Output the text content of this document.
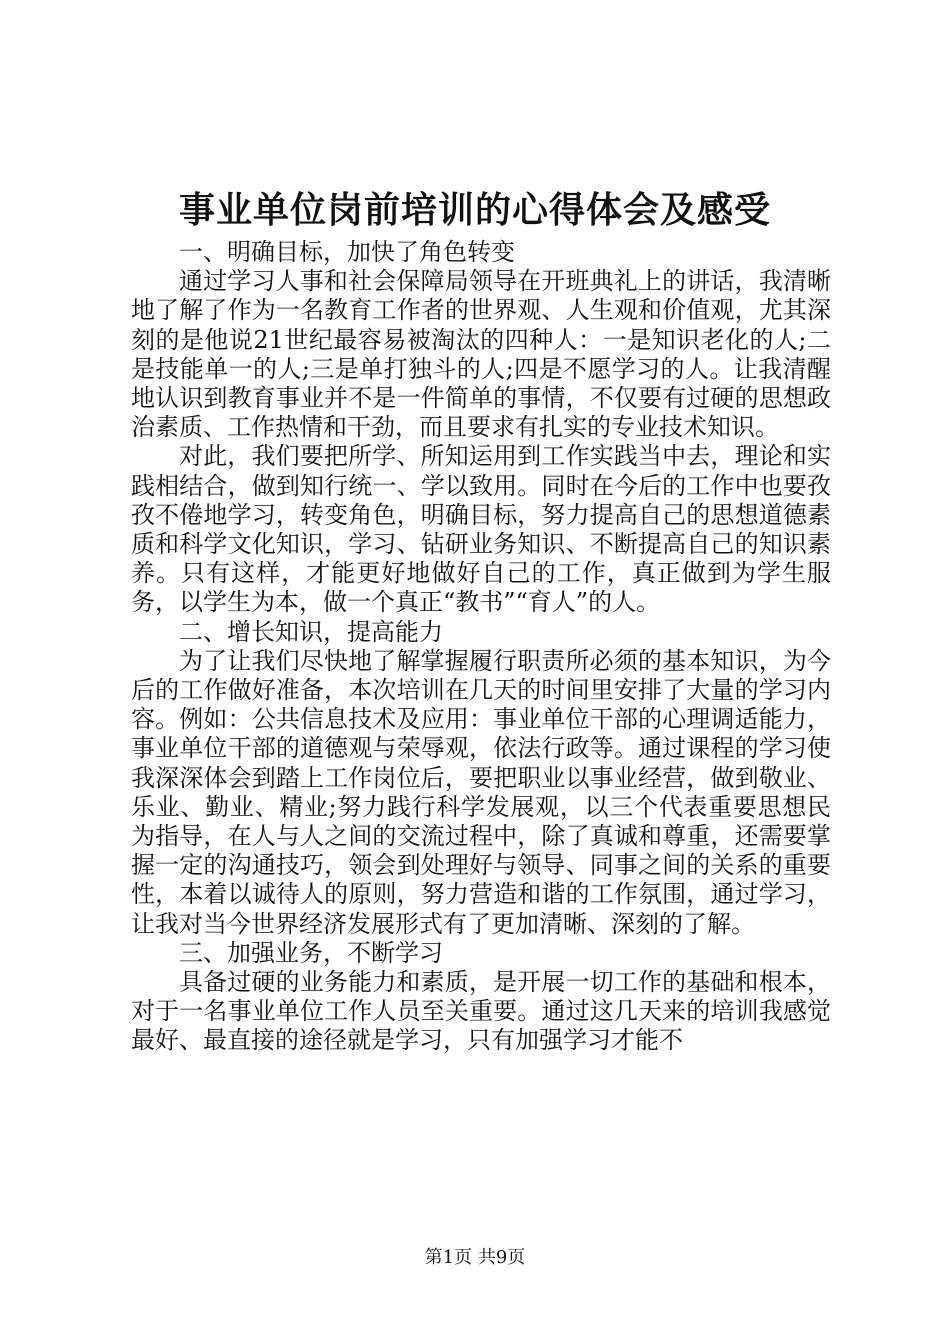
事业单位岗前培训的心得体会及感受

一、明确目标，加快了角色转变

通过学习人事和社会保障局领导在开班典礼上的讲话，我清晰地了解了作为一名教育工作者的世界观、人生观和价值观，尤其深刻的是他说21世纪最容易被淘汰的四种人：一是知识老化的人;二是技能单一的人;三是单打独斗的人;四是不愿学习的人。让我清醒地认识到教育事业并不是一件简单的事情，不仅要有过硬的思想政治素质、工作热情和干劲，而且要求有扎实的专业技术知识。

对此，我们要把所学、所知运用到工作实践当中去，理论和实践相结合，做到知行统一、学以致用。同时在今后的工作中也要孜孜不倦地学习，转变角色，明确目标，努力提高自己的思想道德素质和科学文化知识，学习、钻研业务知识、不断提高自己的知识素养。只有这样，才能更好地做好自己的工作，真正做到为学生服务，以学生为本，做一个真正“教书”“育人”的人。

二、增长知识，提高能力

为了让我们尽快地了解掌握履行职责所必须的基本知识，为今后的工作做好准备，本次培训在几天的时间里安排了大量的学习内容。例如：公共信息技术及应用：事业单位干部的心理调适能力，事业单位干部的道德观与荣辱观，依法行政等。通过课程的学习使我深深体会到踏上工作岗位后，要把职业以事业经营，做到敬业、乐业、勤业、精业;努力践行科学发展观，以三个代表重要思想民为指导，在人与人之间的交流过程中，除了真诚和尊重，还需要掌握一定的沟通技巧，领会到处理好与领导、同事之间的关系的重要性，本着以诚待人的原则，努力营造和谐的工作氛围，通过学习，让我对当今世界经济发展形式有了更加清晰、深刻的了解。

三、加强业务，不断学习

具备过硬的业务能力和素质，是开展一切工作的基础和根本，对于一名事业单位工作人员至关重要。通过这几天来的培训我感觉最好、最直接的途径就是学习，只有加强学习才能不

第1页 共9页
